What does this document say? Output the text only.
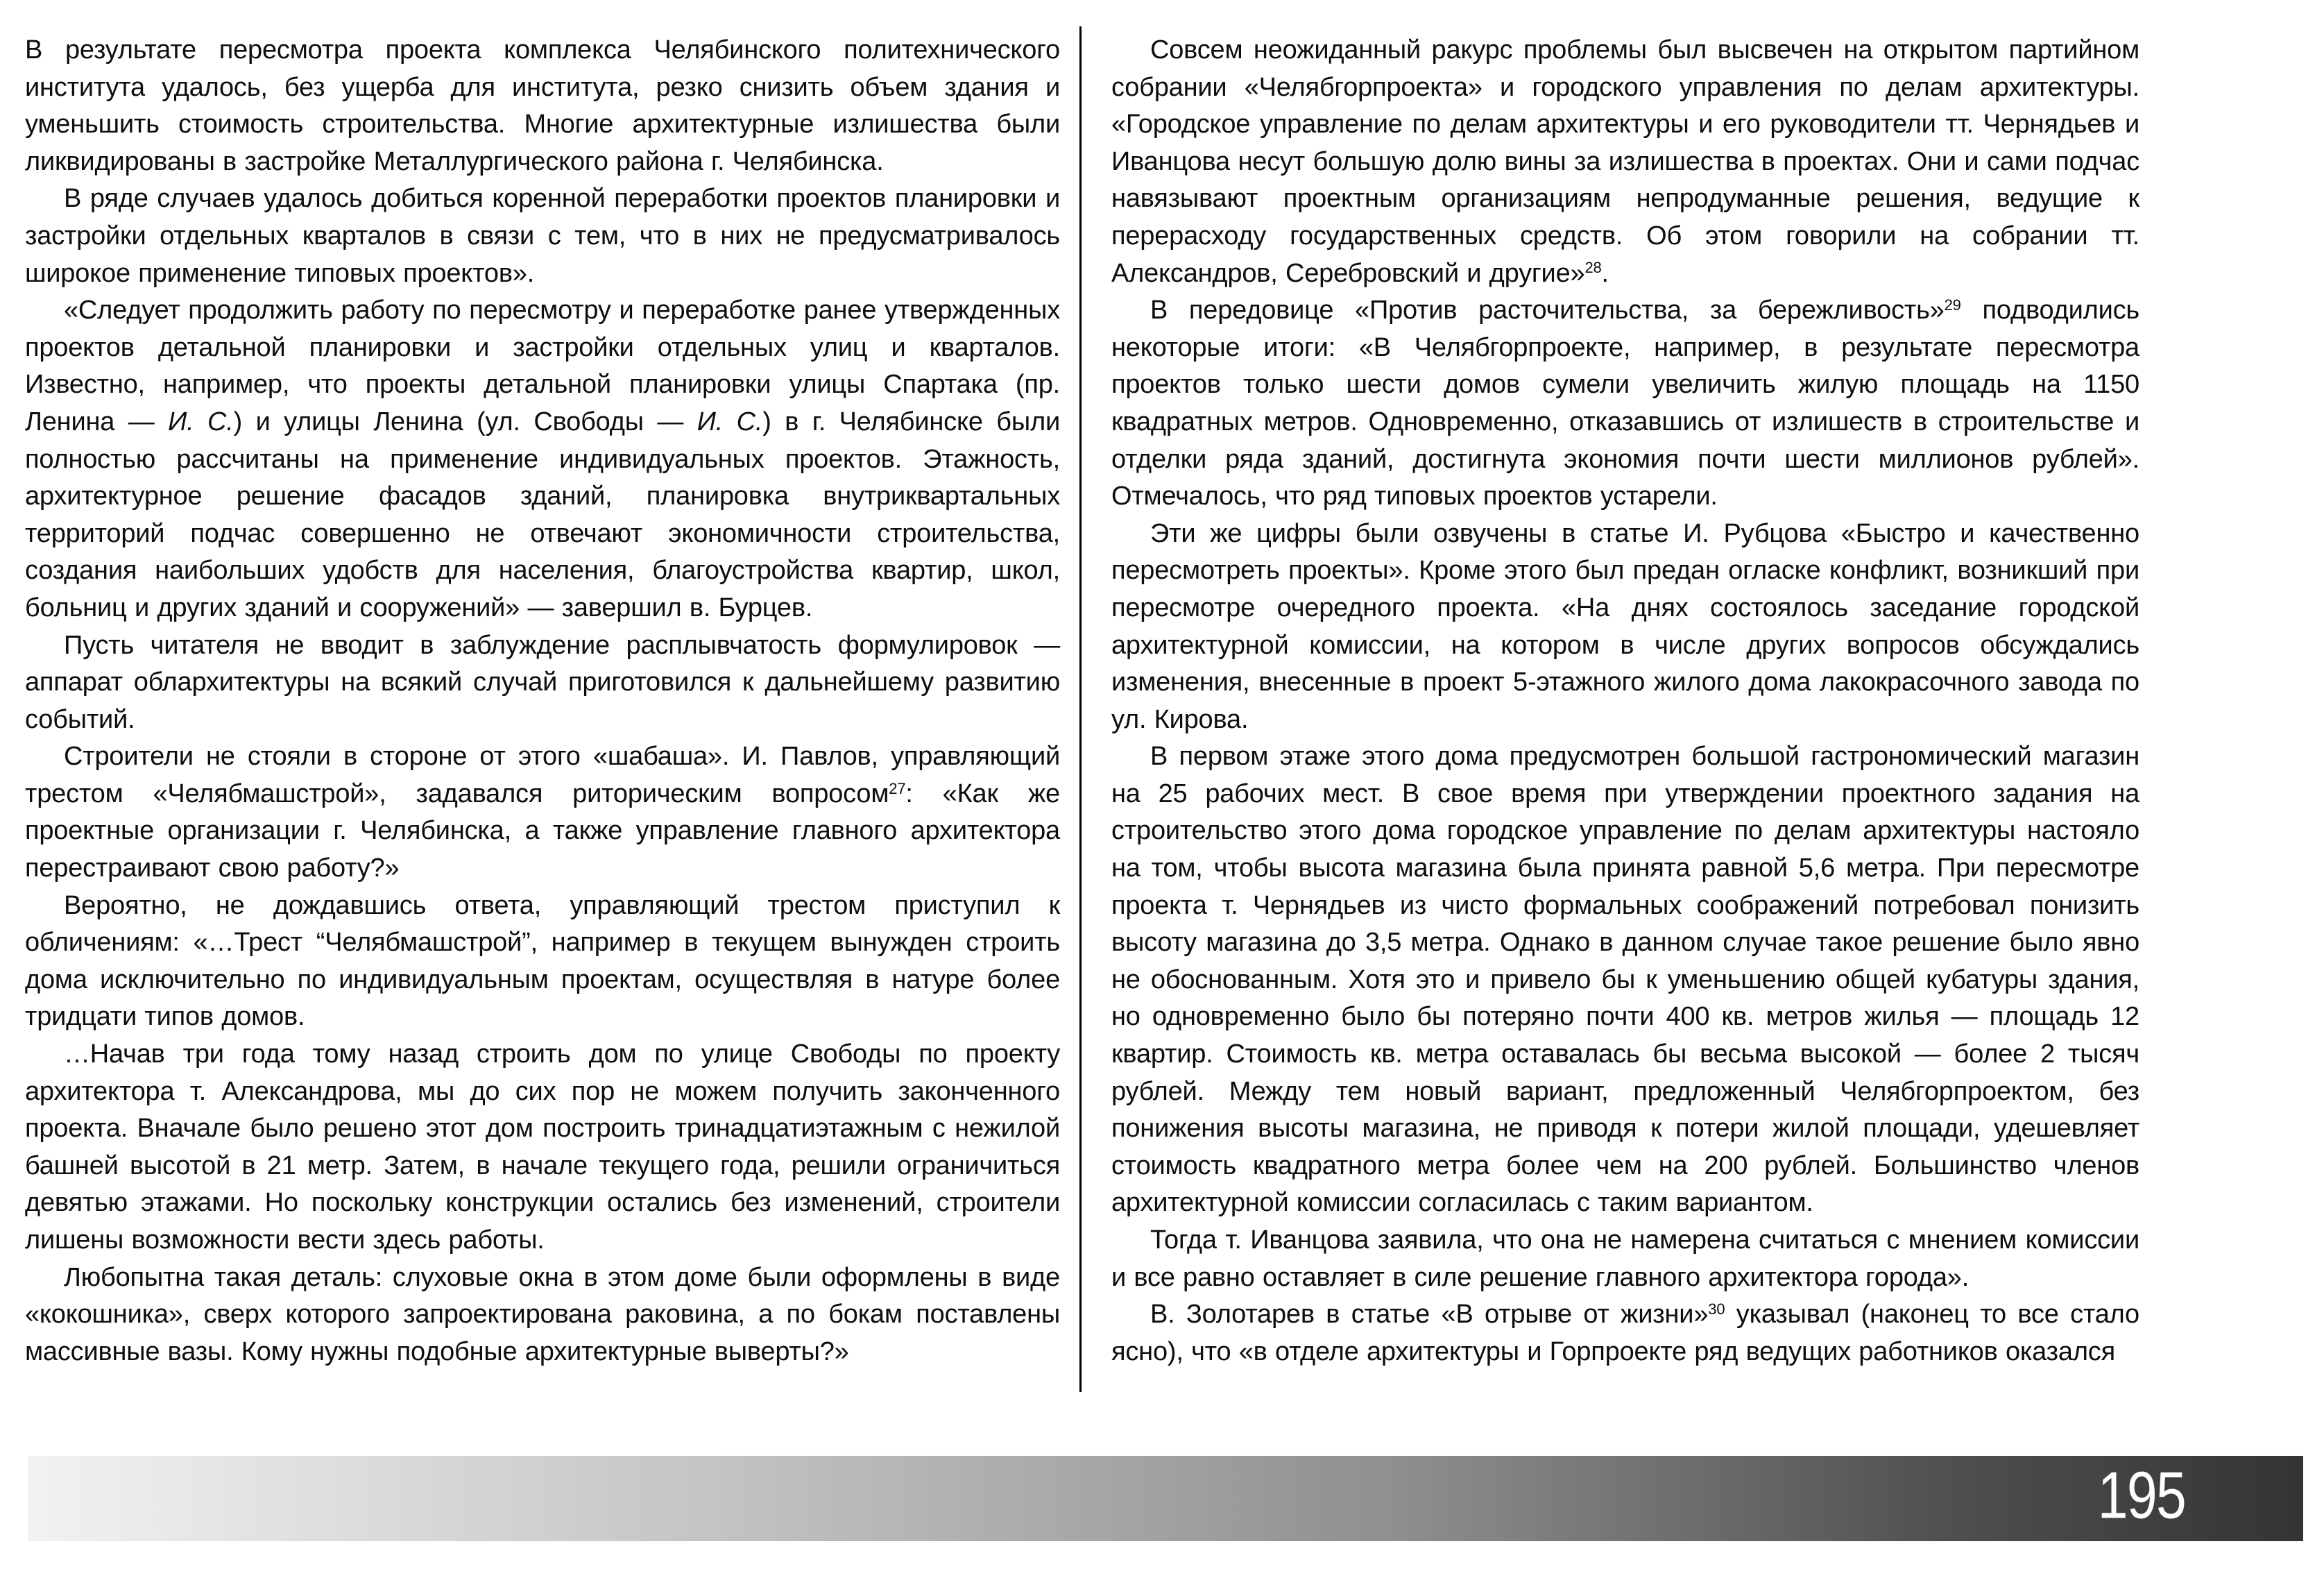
В результате пересмотра проекта комплекса Челябинского политехнического института удалось, без ущерба для института, резко снизить объем здания и уменьшить стоимость строительства. Многие архитектурные излишества были ликвидированы в застройке Металлургического района г. Челябинска.

В ряде случаев удалось добиться коренной переработки проектов планировки и застройки отдельных кварталов в связи с тем, что в них не предусматривалось широкое применение типовых проектов».

«Следует продолжить работу по пересмотру и переработке ранее утвержденных проектов детальной планировки и застройки отдельных улиц и кварталов. Известно, например, что проекты детальной планировки улицы Спартака (пр. Ленина — И. С.) и улицы Ленина (ул. Свободы — И. С.) в г. Челябинске были полностью рассчитаны на применение индивидуальных проектов. Этажность, архитектурное решение фасадов зданий, планировка внутриквартальных территорий подчас совершенно не отвечают экономичности строительства, создания наибольших удобств для населения, благоустройства квартир, школ, больниц и других зданий и сооружений» — завершил в. Бурцев.

Пусть читателя не вводит в заблуждение расплывчатость формулировок — аппарат облархитектуры на всякий случай приготовился к дальнейшему развитию событий.

Строители не стояли в стороне от этого «шабаша». И. Павлов, управляющий трестом «Челябмашстрой», задавался риторическим вопросом$^{27}$: «Как же проектные организации г. Челябинска, а также управление главного архитектора перестраивают свою работу?»

Вероятно, не дождавшись ответа, управляющий трестом приступил к обличениям: «…Трест “Челябмашстрой”, например в текущем вынужден строить дома исключительно по индивидуальным проектам, осуществляя в натуре более тридцати типов домов.

…Начав три года тому назад строить дом по улице Свободы по проекту архитектора т. Александрова, мы до сих пор не можем получить законченного проекта. Вначале было решено этот дом построить тринадцатиэтажным с нежилой башней высотой в 21 метр. Затем, в начале текущего года, решили ограничиться девятью этажами. Но поскольку конструкции остались без изменений, строители лишены возможности вести здесь работы.

Любопытна такая деталь: слуховые окна в этом доме были оформлены в виде «кокошника», сверх которого запроектирована раковина, а по бокам поставлены массивные вазы. Кому нужны подобные архитектурные выверты?»

Совсем неожиданный ракурс проблемы был высвечен на открытом партийном собрании «Челябгорпроекта» и городского управления по делам архитектуры. «Городское управление по делам архитектуры и его руководители тт. Чернядьев и Иванцова несут большую долю вины за излишества в проектах. Они и сами подчас навязывают проектным организациям непродуманные решения, ведущие к перерасходу государственных средств. Об этом говорили на собрании тт. Александров, Серебровский и другие»$^{28}$.

В передовице «Против расточительства, за бережливость»$^{29}$ подводились некоторые итоги: «В Челябгорпроекте, например, в результате пересмотра проектов только шести домов сумели увеличить жилую площадь на 1150 квадратных метров. Одновременно, отказавшись от излишеств в строительстве и отделки ряда зданий, достигнута экономия почти шести миллионов рублей». Отмечалось, что ряд типовых проектов устарели.

Эти же цифры были озвучены в статье И. Рубцова «Быстро и качественно пересмотреть проекты». Кроме этого был предан огласке конфликт, возникший при пересмотре очередного проекта. «На днях состоялось заседание городской архитектурной комиссии, на котором в числе других вопросов обсуждались изменения, внесенные в проект 5-этажного жилого дома лакокрасочного завода по ул. Кирова.

В первом этаже этого дома предусмотрен большой гастрономический магазин на 25 рабочих мест. В свое время при утверждении проектного задания на строительство этого дома городское управление по делам архитектуры настояло на том, чтобы высота магазина была принята равной 5,6 метра. При пересмотре проекта т. Чернядьев из чисто формальных соображений потребовал понизить высоту магазина до 3,5 метра. Однако в данном случае такое решение было явно не обоснованным. Хотя это и привело бы к уменьшению общей кубатуры здания, но одновременно было бы потеряно почти 400 кв. метров жилья — площадь 12 квартир. Стоимость кв. метра оставалась бы весьма высокой — более 2 тысяч рублей. Между тем новый вариант, предложенный Челябгорпроектом, без понижения высоты магазина, не приводя к потери жилой площади, удешевляет стоимость квадратного метра более чем на 200 рублей. Большинство членов архитектурной комиссии согласилась с таким вариантом.

Тогда т. Иванцова заявила, что она не намерена считаться с мнением комиссии и все равно оставляет в силе решение главного архитектора города».

В. Золотарев в статье «В отрыве от жизни»$^{30}$ указывал (наконец то все стало ясно), что «в отделе архитектуры и Горпроекте ряд ведущих работников оказался

195
